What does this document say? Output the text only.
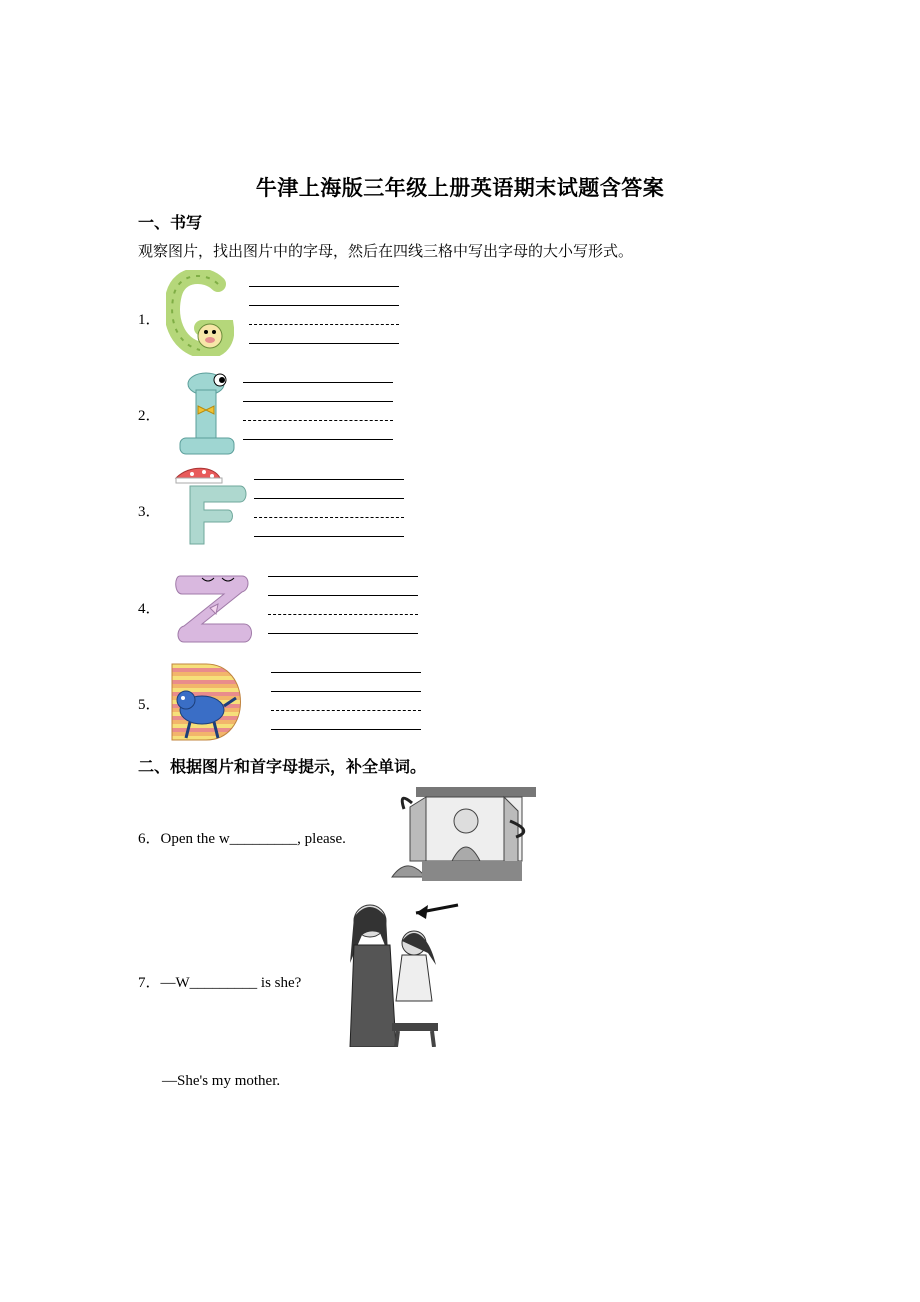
牛津上海版三年级上册英语期末试题含答案
一、书写
观察图片，找出图片中的字母，然后在四线三格中写出字母的大小写形式。
1．
2．
3．
4．
5．
二、根据图片和首字母提示，补全单词。
6．Open the w_________, please.
7．—W_________ is she?
—She's my mother.
